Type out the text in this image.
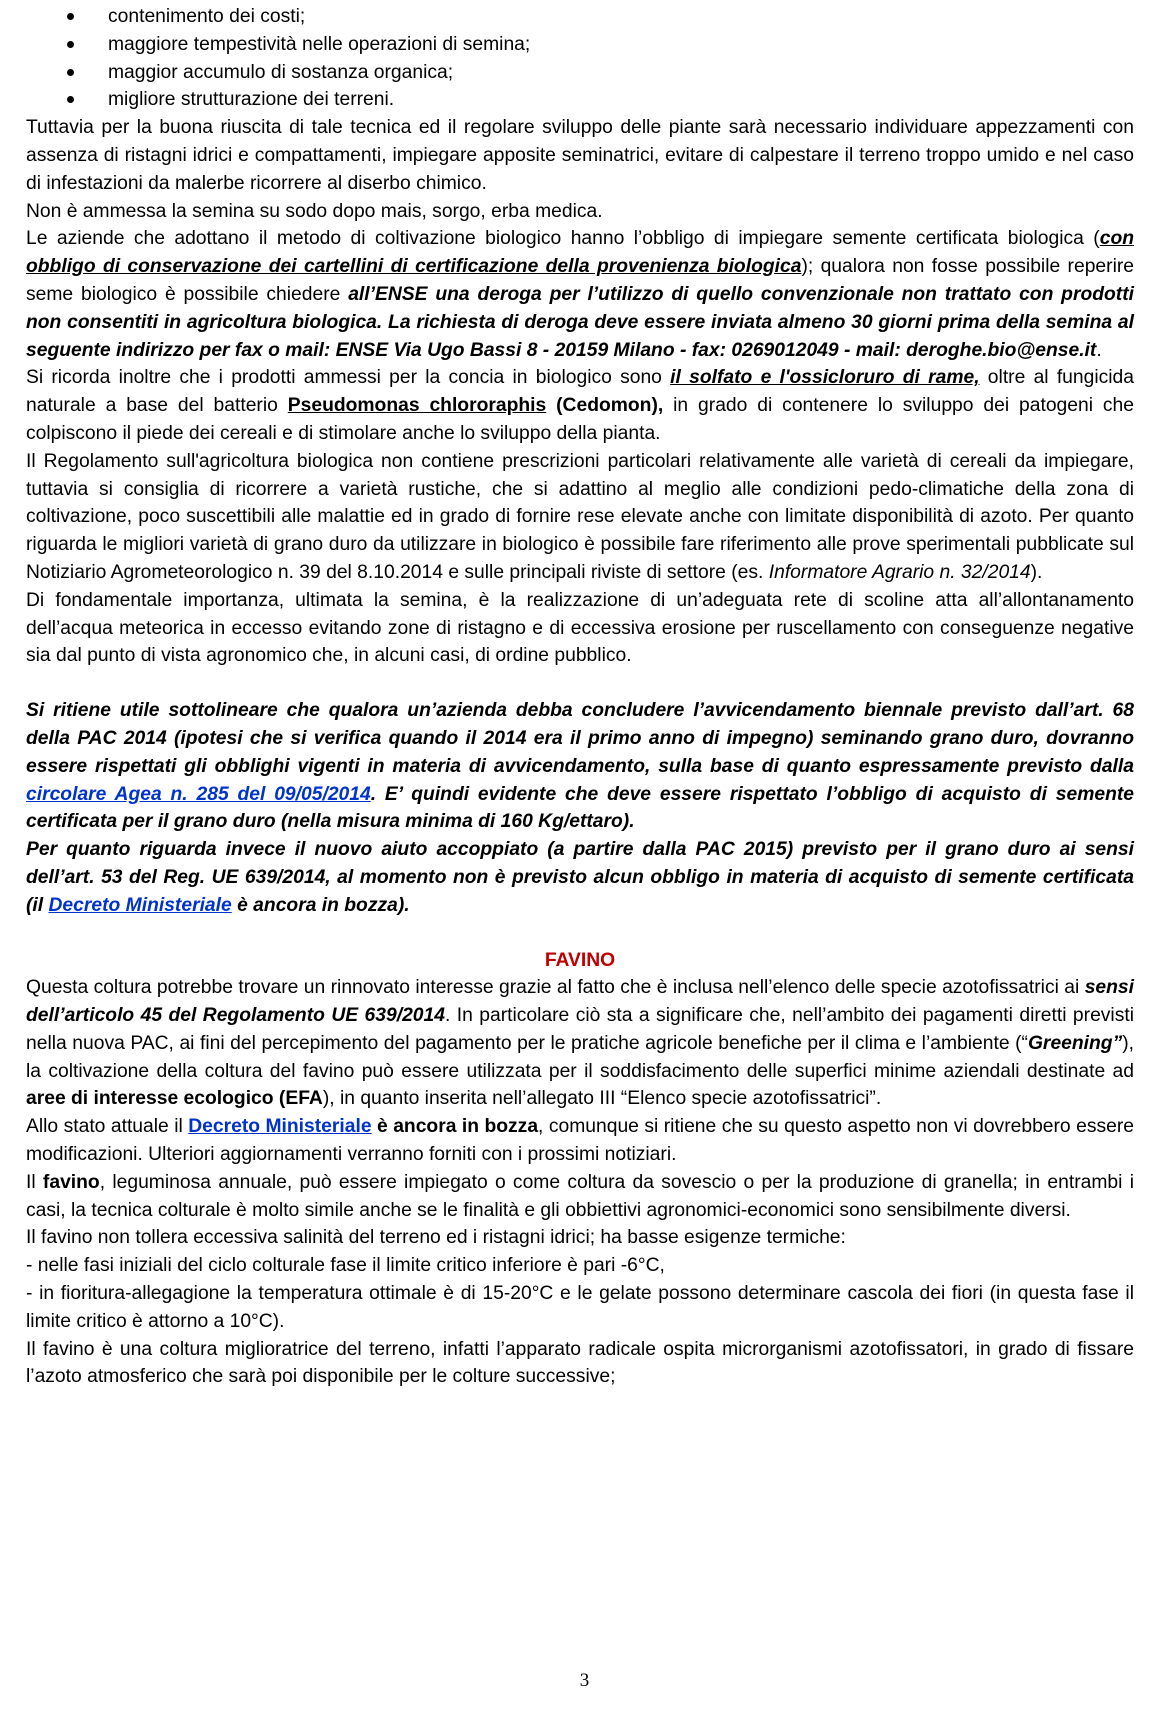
contenimento dei costi;
maggiore tempestività nelle operazioni di semina;
maggior accumulo di sostanza organica;
migliore strutturazione dei terreni.

Tuttavia per la buona riuscita di tale tecnica ed il regolare sviluppo delle piante sarà necessario individuare appezzamenti con assenza di ristagni idrici e compattamenti, impiegare apposite seminatrici, evitare di calpestare il terreno troppo umido e nel caso di infestazioni da malerbe ricorrere al diserbo chimico.

Non è ammessa la semina su sodo dopo mais, sorgo, erba medica.

Le aziende che adottano il metodo di coltivazione biologico hanno l’obbligo di impiegare semente certificata biologica (con obbligo di conservazione dei cartellini di certificazione della provenienza biologica); qualora non fosse possibile reperire seme biologico è possibile chiedere all’ENSE una deroga per l’utilizzo di quello convenzionale non trattato con prodotti non consentiti in agricoltura biologica. La richiesta di deroga deve essere inviata almeno 30 giorni prima della semina al seguente indirizzo per fax o mail: ENSE Via Ugo Bassi 8 - 20159 Milano - fax: 0269012049 - mail: deroghe.bio@ense.it.

Si ricorda inoltre che i prodotti ammessi per la concia in biologico sono il solfato e l'ossicloruro di rame, oltre al fungicida naturale a base del batterio Pseudomonas chlororaphis (Cedomon), in grado di contenere lo sviluppo dei patogeni che colpiscono il piede dei cereali e di stimolare anche lo sviluppo della pianta.

Il Regolamento sull'agricoltura biologica non contiene prescrizioni particolari relativamente alle varietà di cereali da impiegare, tuttavia si consiglia di ricorrere a varietà rustiche, che si adattino al meglio alle condizioni pedo-climatiche della zona di coltivazione, poco suscettibili alle malattie ed in grado di fornire rese elevate anche con limitate disponibilità di azoto. Per quanto riguarda le migliori varietà di grano duro da utilizzare in biologico è possibile fare riferimento alle prove sperimentali pubblicate sul Notiziario Agrometeorologico n. 39 del 8.10.2014 e sulle principali riviste di settore (es. Informatore Agrario n. 32/2014).

Di fondamentale importanza, ultimata la semina, è la realizzazione di un’adeguata rete di scoline atta all’allontanamento dell’acqua meteorica in eccesso evitando zone di ristagno e di eccessiva erosione per ruscellamento con conseguenze negative sia dal punto di vista agronomico che, in alcuni casi, di ordine pubblico.

Si ritiene utile sottolineare che qualora un’azienda debba concludere l’avvicendamento biennale previsto dall’art. 68 della PAC 2014 (ipotesi che si verifica quando il 2014 era il primo anno di impegno) seminando grano duro, dovranno essere rispettati gli obblighi vigenti in materia di avvicendamento, sulla base di quanto espressamente previsto dalla circolare Agea n. 285 del 09/05/2014. E’ quindi evidente che deve essere rispettato l’obbligo di acquisto di semente certificata per il grano duro (nella misura minima di 160 Kg/ettaro).

Per quanto riguarda invece il nuovo aiuto accoppiato (a partire dalla PAC 2015) previsto per il grano duro ai sensi dell’art. 53 del Reg. UE 639/2014, al momento non è previsto alcun obbligo in materia di acquisto di semente certificata (il Decreto Ministeriale è ancora in bozza).

FAVINO

Questa coltura potrebbe trovare un rinnovato interesse grazie al fatto che è inclusa nell’elenco delle specie azotofissatrici ai sensi dell’articolo 45 del Regolamento UE 639/2014. In particolare ciò sta a significare che, nell’ambito dei pagamenti diretti previsti nella nuova PAC, ai fini del percepimento del pagamento per le pratiche agricole benefiche per il clima e l’ambiente (“Greening”), la coltivazione della coltura del favino può essere utilizzata per il soddisfacimento delle superfici minime aziendali destinate ad aree di interesse ecologico (EFA), in quanto inserita nell’allegato III “Elenco specie azotofissatrici”.

Allo stato attuale il Decreto Ministeriale è ancora in bozza, comunque si ritiene che su questo aspetto non vi dovrebbero essere modificazioni. Ulteriori aggiornamenti verranno forniti con i prossimi notiziari.

Il favino, leguminosa annuale, può essere impiegato o come coltura da sovescio o per la produzione di granella; in entrambi i casi, la tecnica colturale è molto simile anche se le finalità e gli obbiettivi agronomici-economici sono sensibilmente diversi.

Il favino non tollera eccessiva salinità del terreno ed i ristagni idrici; ha basse esigenze termiche:

- nelle fasi iniziali del ciclo colturale fase il limite critico inferiore è pari -6°C,

- in fioritura-allegagione la temperatura ottimale è di 15-20°C e le gelate possono determinare cascola dei fiori (in questa fase il limite critico è attorno a 10°C).

Il favino è una coltura miglioratrice del terreno, infatti l’apparato radicale ospita microrganismi azotofissatori, in grado di fissare l’azoto atmosferico che sarà poi disponibile per le colture successive;

3
